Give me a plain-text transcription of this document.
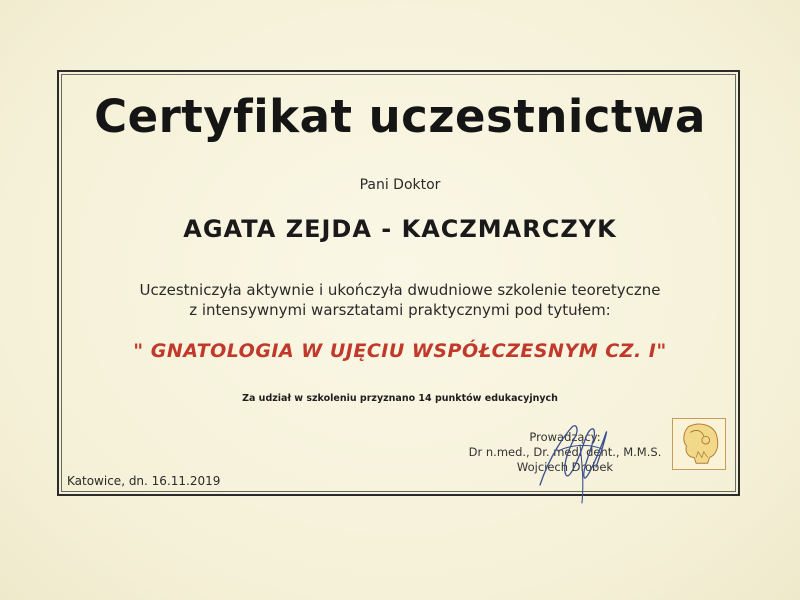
Certyfikat uczestnictwa
Pani Doktor
AGATA ZEJDA - KACZMARCZYK
Uczestniczyła aktywnie i ukończyła dwudniowe szkolenie teoretyczne
z intensywnymi warsztatami praktycznymi pod tytułem:
" GNATOLOGIA W UJĘCIU WSPÓŁCZESNYM CZ. I"
Za udział w szkoleniu przyznano 14 punktów edukacyjnych
Katowice, dn. 16.11.2019
Prowadzący:
Dr n.med., Dr. med. dent., M.M.S.
Wojciech Drobek
